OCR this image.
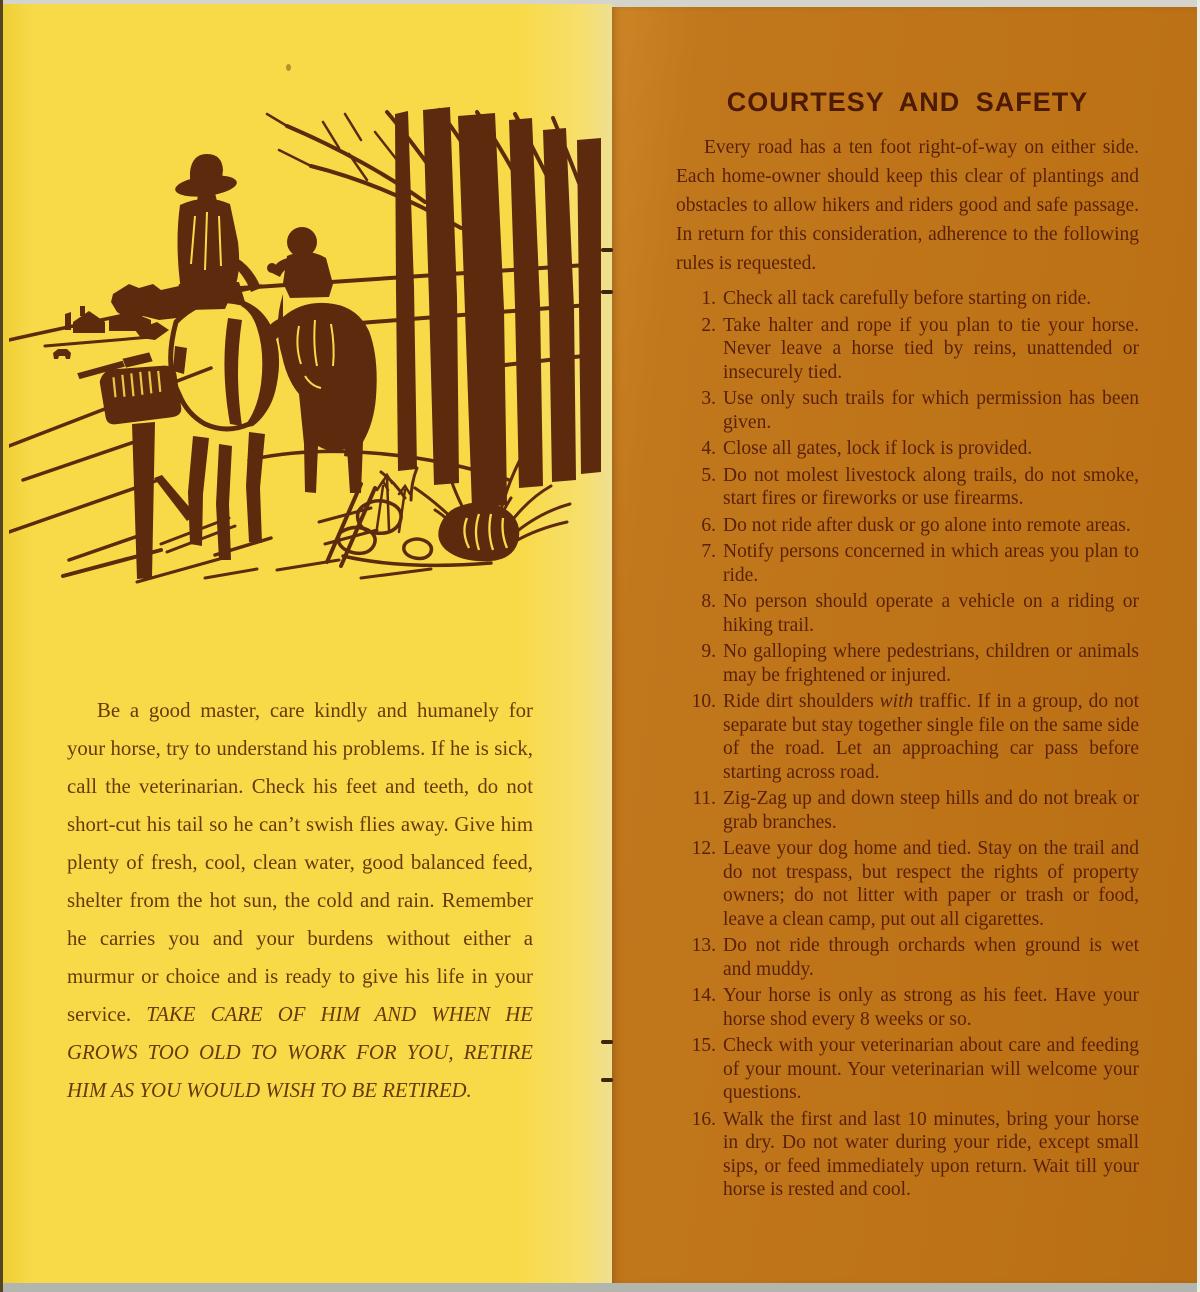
Be a good master, care kindly and humanely for your horse, try to understand his problems. If he is sick, call the veterinarian. Check his feet and teeth, do not short-cut his tail so he can’t swish flies away. Give him plenty of fresh, cool, clean water, good balanced feed, shelter from the hot sun, the cold and rain. Remember he carries you and your burdens without either a murmur or choice and is ready to give his life in your service. TAKE CARE OF HIM AND WHEN HE GROWS TOO OLD TO WORK FOR YOU, RETIRE HIM AS YOU WOULD WISH TO BE RETIRED.

COURTESY AND SAFETY

Every road has a ten foot right-of-way on either side. Each home-owner should keep this clear of plantings and obstacles to allow hikers and riders good and safe passage. In return for this consideration, adherence to the following rules is requested.

1. Check all tack carefully before starting on ride.
2. Take halter and rope if you plan to tie your horse. Never leave a horse tied by reins, unattended or insecurely tied.
3. Use only such trails for which permission has been given.
4. Close all gates, lock if lock is provided.
5. Do not molest livestock along trails, do not smoke, start fires or fireworks or use firearms.
6. Do not ride after dusk or go alone into remote areas.
7. Notify persons concerned in which areas you plan to ride.
8. No person should operate a vehicle on a riding or hiking trail.
9. No galloping where pedestrians, children or animals may be frightened or injured.
10. Ride dirt shoulders with traffic. If in a group, do not separate but stay together single file on the same side of the road. Let an approaching car pass before starting across road.
11. Zig-Zag up and down steep hills and do not break or grab branches.
12. Leave your dog home and tied. Stay on the trail and do not trespass, but respect the rights of property owners; do not litter with paper or trash or food, leave a clean camp, put out all cigarettes.
13. Do not ride through orchards when ground is wet and muddy.
14. Your horse is only as strong as his feet. Have your horse shod every 8 weeks or so.
15. Check with your veterinarian about care and feeding of your mount. Your veterinarian will welcome your questions.
16. Walk the first and last 10 minutes, bring your horse in dry. Do not water during your ride, except small sips, or feed immediately upon return. Wait till your horse is rested and cool.
